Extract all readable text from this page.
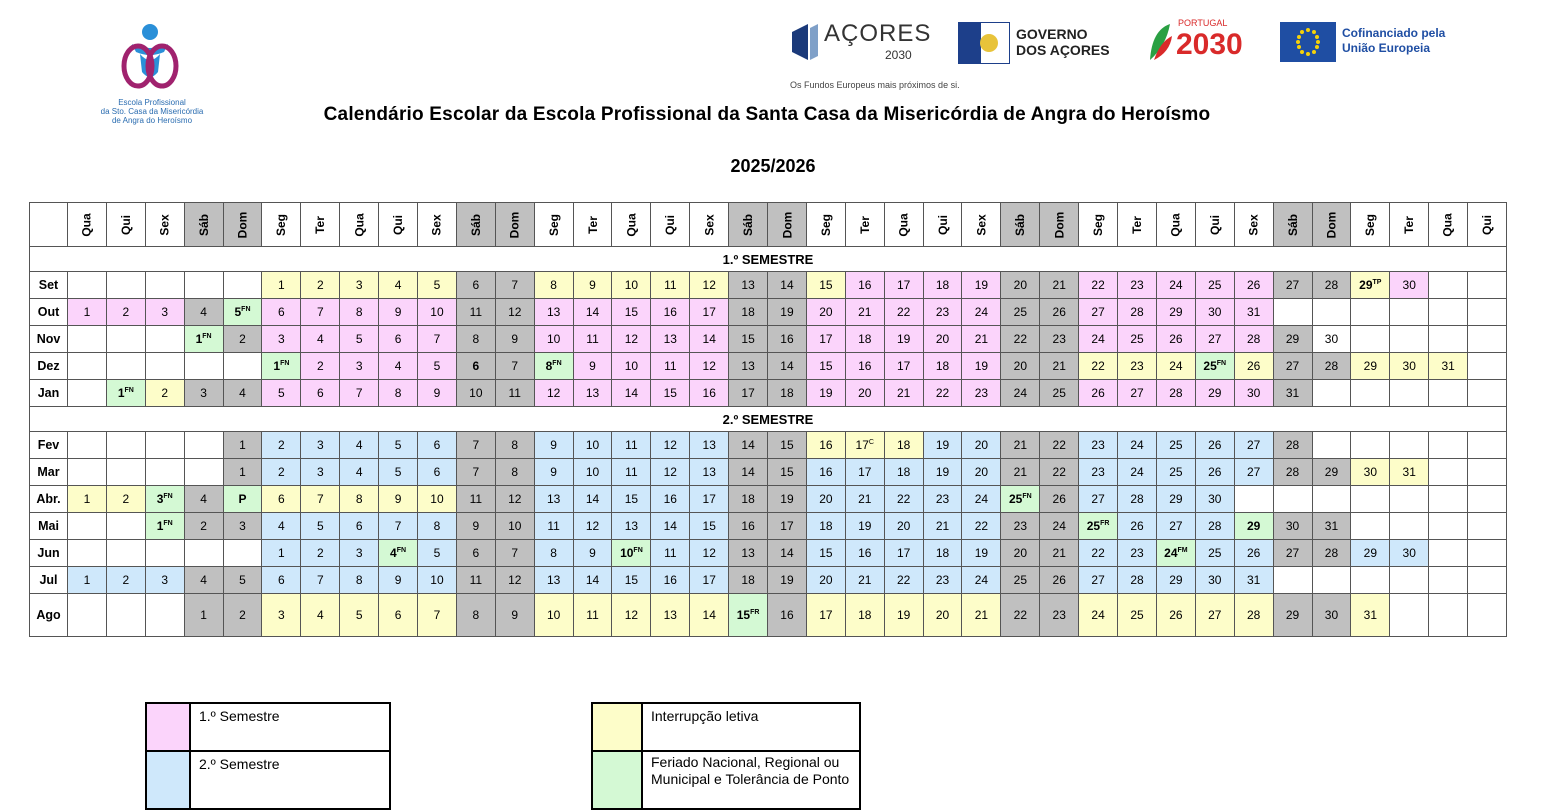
Escola Profissional
da Sto. Casa da Misericórdia
de Angra do Heroísmo
AÇORES
2030
Os Fundos Europeus mais próximos de si.
GOVERNO
DOS AÇORES
PORTUGAL
2030	Cofinanciado pela
União Europeia
Calendário Escolar da Escola Profissional da Santa Casa da Misericórdia de Angra do Heroísmo
2025/2026
	Qua	Qui	Sex	Sáb	Dom	Seg	Ter	Qua	Qui	Sex	Sáb	Dom	Seg	Ter	Qua	Qui	Sex	Sáb	Dom	Seg	Ter	Qua	Qui	Sex	Sáb	Dom	Seg	Ter	Qua	Qui	Sex	Sáb	Dom	Seg	Ter	Qua	Qui
1.º SEMESTRE																																					
Set						1	2	3	4	5	6	7	8	9	10	11	12	13	14	15	16	17	18	19	20	21	22	23	24	25	26	27	28	$29^{TP}$	30		
Out	1	2	3	4	$5^{FN}$	6	7	8	9	10	11	12	13	14	15	16	17	18	19	20	21	22	23	24	25	26	27	28	29	30	31						
Nov				$1^{FN}$	2	3	4	5	6	7	8	9	10	11	12	13	14	15	16	17	18	19	20	21	22	23	24	25	26	27	28	29	30				
Dez						$1^{FN}$	2	3	4	5	6	7	$8^{FN}$	9	10	11	12	13	14	15	16	17	18	19	20	21	22	23	24	$25^{FN}$	26	27	28	29	30	31	
Jan		$1^{FN}$	2	3	4	5	6	7	8	9	10	11	12	13	14	15	16	17	18	19	20	21	22	23	24	25	26	27	28	29	30	31					
2.º SEMESTRE																																					
Fev					1	2	3	4	5	6	7	8	9	10	11	12	13	14	15	16	$17^C$	18	19	20	21	22	23	24	25	26	27	28					
Mar					1	2	3	4	5	6	7	8	9	10	11	12	13	14	15	16	17	18	19	20	21	22	23	24	25	26	27	28	29	30	31		
Abr.	1	2	$3^{FN}$	4	P	6	7	8	9	10	11	12	13	14	15	16	17	18	19	20	21	22	23	24	$25^{FN}$	26	27	28	29	30							
Mai			$1^{FN}$	2	3	4	5	6	7	8	9	10	11	12	13	14	15	16	17	18	19	20	21	22	23	24	$25^{FR}$	26	27	28	29	30	31				
Jun						1	2	3	$4^{FN}$	5	6	7	8	9	$10^{FN}$	11	12	13	14	15	16	17	18	19	20	21	22	23	$24^{FM}$	25	26	27	28	29	30		
Jul	1	2	3	4	5	6	7	8	9	10	11	12	13	14	15	16	17	18	19	20	21	22	23	24	25	26	27	28	29	30	31						
Ago				1	2	3	4	5	6	7	8	9	10	11	12	13	14	$15^{FR}$	16	17	18	19	20	21	22	23	24	25	26	27	28	29	30	31			
	1.º Semestre
	2.º Semestre
	Interrupção letiva
	Feriado Nacional, Regional ou Municipal e Tolerância de Ponto
